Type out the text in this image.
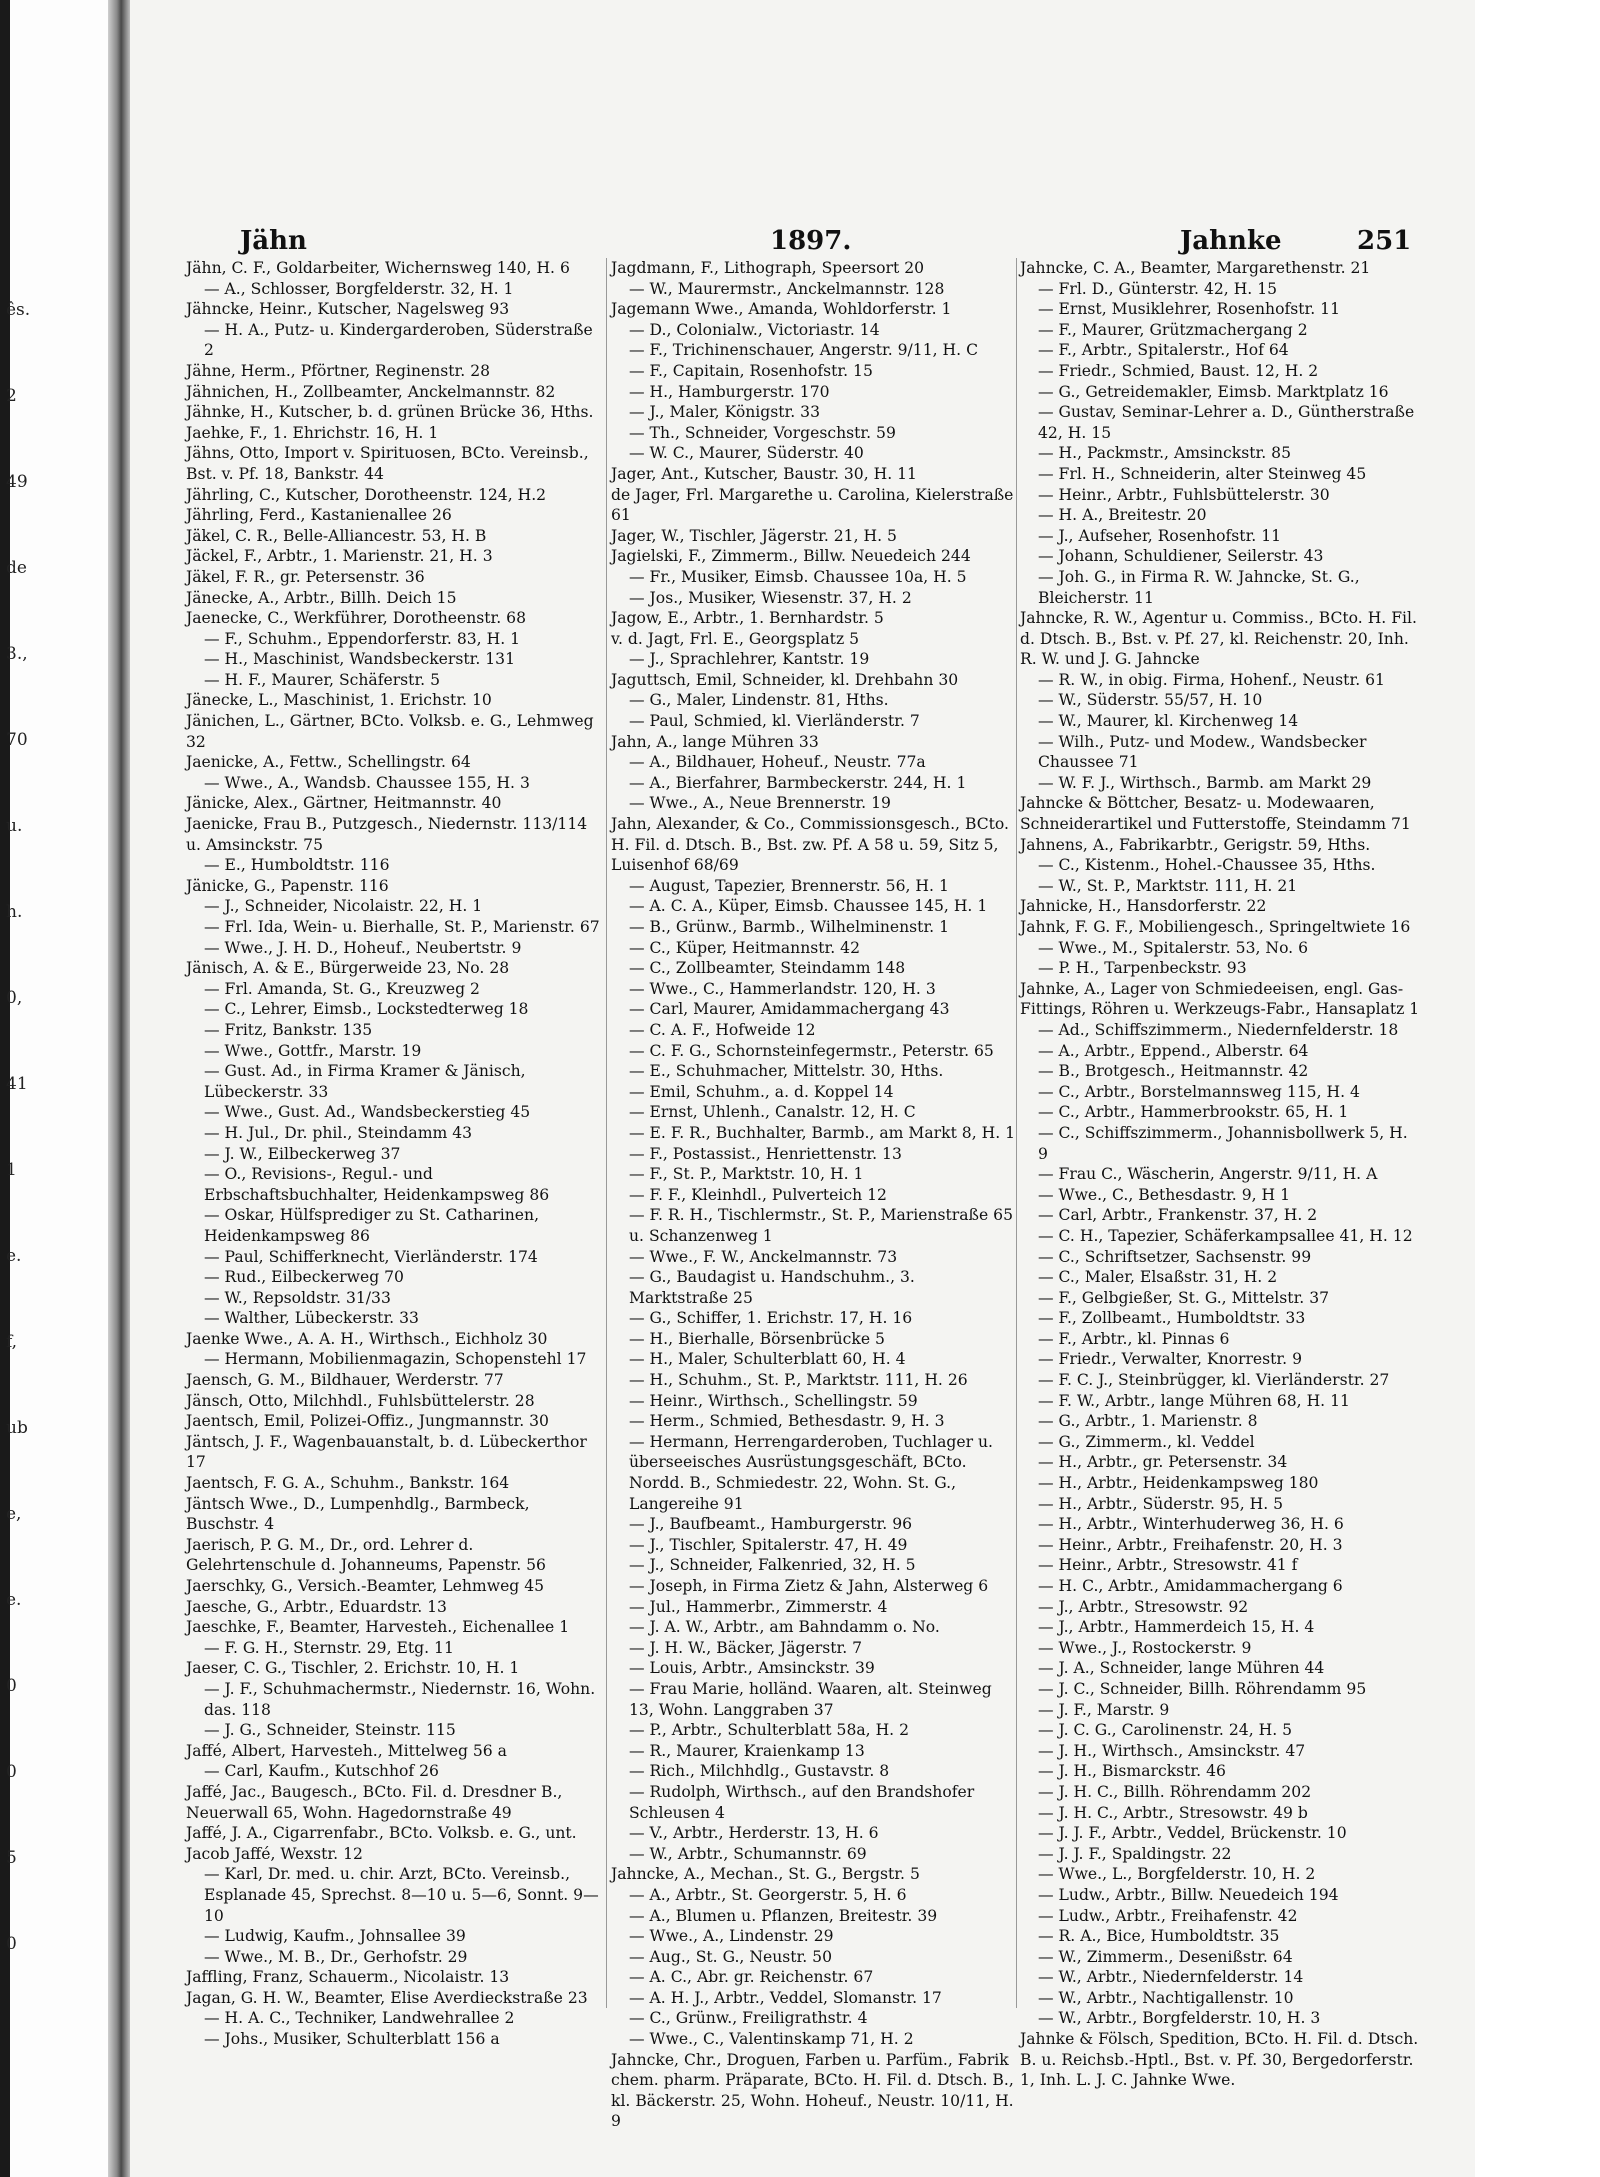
ês.
2
49
de
3.,
70
u.
h.
0,
41
1
e.
f,
ub
e,
e.
0
0
5
0
Jähn	1897.	Jahnke	251
Jähn, C. F., Goldarbeiter, Wichernsweg 140, H. 6
— A., Schlosser, Borgfelderstr. 32, H. 1
Jähncke, Heinr., Kutscher, Nagelsweg 93
— H. A., Putz- u. Kindergarderoben, Süderstraße 2
Jähne, Herm., Pförtner, Reginenstr. 28
Jähnichen, H., Zollbeamter, Anckelmannstr. 82
Jähnke, H., Kutscher, b. d. grünen Brücke 36, Hths.
Jaehke, F., 1. Ehrichstr. 16, H. 1
Jähns, Otto, Import v. Spirituosen, BCto. Vereinsb., Bst. v. Pf. 18, Bankstr. 44
Jährling, C., Kutscher, Dorotheenstr. 124, H.2
Jährling, Ferd., Kastanienallee 26
Jäkel, C. R., Belle-Alliancestr. 53, H. B
Jäckel, F., Arbtr., 1. Marienstr. 21, H. 3
Jäkel, F. R., gr. Petersenstr. 36
Jänecke, A., Arbtr., Billh. Deich 15
Jaenecke, C., Werkführer, Dorotheenstr. 68
— F., Schuhm., Eppendorferstr. 83, H. 1
— H., Maschinist, Wandsbeckerstr. 131
— H. F., Maurer, Schäferstr. 5
Jänecke, L., Maschinist, 1. Erichstr. 10
Jänichen, L., Gärtner, BCto. Volksb. e. G., Lehmweg 32
Jaenicke, A., Fettw., Schellingstr. 64
— Wwe., A., Wandsb. Chaussee 155, H. 3
Jänicke, Alex., Gärtner, Heitmannstr. 40
Jaenicke, Frau B., Putzgesch., Niedernstr. 113/114 u. Amsinckstr. 75
— E., Humboldtstr. 116
Jänicke, G., Papenstr. 116
— J., Schneider, Nicolaistr. 22, H. 1
— Frl. Ida, Wein- u. Bierhalle, St. P., Marienstr. 67
— Wwe., J. H. D., Hoheuf., Neubertstr. 9
Jänisch, A. & E., Bürgerweide 23, No. 28
— Frl. Amanda, St. G., Kreuzweg 2
— C., Lehrer, Eimsb., Lockstedterweg 18
— Fritz, Bankstr. 135
— Wwe., Gottfr., Marstr. 19
— Gust. Ad., in Firma Kramer & Jänisch, Lübeckerstr. 33
— Wwe., Gust. Ad., Wandsbeckerstieg 45
— H. Jul., Dr. phil., Steindamm 43
— J. W., Eilbeckerweg 37
— O., Revisions-, Regul.- und Erbschaftsbuchhalter, Heidenkampsweg 86
— Oskar, Hülfsprediger zu St. Catharinen, Heidenkampsweg 86
— Paul, Schifferknecht, Vierländerstr. 174
— Rud., Eilbeckerweg 70
— W., Repsoldstr. 31/33
— Walther, Lübeckerstr. 33
Jaenke Wwe., A. A. H., Wirthsch., Eichholz 30
— Hermann, Mobilienmagazin, Schopenstehl 17
Jaensch, G. M., Bildhauer, Werderstr. 77
Jänsch, Otto, Milchhdl., Fuhlsbüttelerstr. 28
Jaentsch, Emil, Polizei-Offiz., Jungmannstr. 30
Jäntsch, J. F., Wagenbauanstalt, b. d. Lübeckerthor 17
Jaentsch, F. G. A., Schuhm., Bankstr. 164
Jäntsch Wwe., D., Lumpenhdlg., Barmbeck, Buschstr. 4
Jaerisch, P. G. M., Dr., ord. Lehrer d. Gelehrtenschule d. Johanneums, Papenstr. 56
Jaerschky, G., Versich.-Beamter, Lehmweg 45
Jaesche, G., Arbtr., Eduardstr. 13
Jaeschke, F., Beamter, Harvesteh., Eichenallee 1
— F. G. H., Sternstr. 29, Etg. 11
Jaeser, C. G., Tischler, 2. Erichstr. 10, H. 1
— J. F., Schuhmachermstr., Niedernstr. 16, Wohn. das. 118
— J. G., Schneider, Steinstr. 115
Jaffé, Albert, Harvesteh., Mittelweg 56 a
— Carl, Kaufm., Kutschhof 26
Jaffé, Jac., Baugesch., BCto. Fil. d. Dresdner B., Neuerwall 65, Wohn. Hagedornstraße 49
Jaffé, J. A., Cigarrenfabr., BCto. Volksb. e. G., unt. Jacob Jaffé, Wexstr. 12
— Karl, Dr. med. u. chir. Arzt, BCto. Vereinsb., Esplanade 45, Sprechst. 8—10 u. 5—6, Sonnt. 9—10
— Ludwig, Kaufm., Johnsallee 39
— Wwe., M. B., Dr., Gerhofstr. 29
Jaffling, Franz, Schauerm., Nicolaistr. 13
Jagan, G. H. W., Beamter, Elise Averdieckstraße 23
— H. A. C., Techniker, Landwehrallee 2
— Johs., Musiker, Schulterblatt 156 a
Jagdmann, F., Lithograph, Speersort 20
— W., Maurermstr., Anckelmannstr. 128
Jagemann Wwe., Amanda, Wohldorferstr. 1
— D., Colonialw., Victoriastr. 14
— F., Trichinenschauer, Angerstr. 9/11, H. C
— F., Capitain, Rosenhofstr. 15
— H., Hamburgerstr. 170
— J., Maler, Königstr. 33
— Th., Schneider, Vorgeschstr. 59
— W. C., Maurer, Süderstr. 40
Jager, Ant., Kutscher, Baustr. 30, H. 11
de Jager, Frl. Margarethe u. Carolina, Kielerstraße 61
Jager, W., Tischler, Jägerstr. 21, H. 5
Jagielski, F., Zimmerm., Billw. Neuedeich 244
— Fr., Musiker, Eimsb. Chaussee 10a, H. 5
— Jos., Musiker, Wiesenstr. 37, H. 2
Jagow, E., Arbtr., 1. Bernhardstr. 5
v. d. Jagt, Frl. E., Georgsplatz 5
— J., Sprachlehrer, Kantstr. 19
Jaguttsch, Emil, Schneider, kl. Drehbahn 30
— G., Maler, Lindenstr. 81, Hths.
— Paul, Schmied, kl. Vierländerstr. 7
Jahn, A., lange Mühren 33
— A., Bildhauer, Hoheuf., Neustr. 77a
— A., Bierfahrer, Barmbeckerstr. 244, H. 1
— Wwe., A., Neue Brennerstr. 19
Jahn, Alexander, & Co., Commissionsgesch., BCto. H. Fil. d. Dtsch. B., Bst. zw. Pf. A 58 u. 59, Sitz 5, Luisenhof 68/69
— August, Tapezier, Brennerstr. 56, H. 1
— A. C. A., Küper, Eimsb. Chaussee 145, H. 1
— B., Grünw., Barmb., Wilhelminenstr. 1
— C., Küper, Heitmannstr. 42
— C., Zollbeamter, Steindamm 148
— Wwe., C., Hammerlandstr. 120, H. 3
— Carl, Maurer, Amidammachergang 43
— C. A. F., Hofweide 12
— C. F. G., Schornsteinfegermstr., Peterstr. 65
— E., Schuhmacher, Mittelstr. 30, Hths.
— Emil, Schuhm., a. d. Koppel 14
— Ernst, Uhlenh., Canalstr. 12, H. C
— E. F. R., Buchhalter, Barmb., am Markt 8, H. 1
— F., Postassist., Henriettenstr. 13
— F., St. P., Marktstr. 10, H. 1
— F. F., Kleinhdl., Pulverteich 12
— F. R. H., Tischlermstr., St. P., Marienstraße 65 u. Schanzenweg 1
— Wwe., F. W., Anckelmannstr. 73
— G., Baudagist u. Handschuhm., 3. Marktstraße 25
— G., Schiffer, 1. Erichstr. 17, H. 16
— H., Bierhalle, Börsenbrücke 5
— H., Maler, Schulterblatt 60, H. 4
— H., Schuhm., St. P., Marktstr. 111, H. 26
— Heinr., Wirthsch., Schellingstr. 59
— Herm., Schmied, Bethesdastr. 9, H. 3
— Hermann, Herrengarderoben, Tuchlager u. überseeisches Ausrüstungsgeschäft, BCto. Nordd. B., Schmiedestr. 22, Wohn. St. G., Langereihe 91
— J., Baufbeamt., Hamburgerstr. 96
— J., Tischler, Spitalerstr. 47, H. 49
— J., Schneider, Falkenried, 32, H. 5
— Joseph, in Firma Zietz & Jahn, Alsterweg 6
— Jul., Hammerbr., Zimmerstr. 4
— J. A. W., Arbtr., am Bahndamm o. No.
— J. H. W., Bäcker, Jägerstr. 7
— Louis, Arbtr., Amsinckstr. 39
— Frau Marie, holländ. Waaren, alt. Steinweg 13, Wohn. Langgraben 37
— P., Arbtr., Schulterblatt 58a, H. 2
— R., Maurer, Kraienkamp 13
— Rich., Milchhdlg., Gustavstr. 8
— Rudolph, Wirthsch., auf den Brandshofer Schleusen 4
— V., Arbtr., Herderstr. 13, H. 6
— W., Arbtr., Schumannstr. 69
Jahncke, A., Mechan., St. G., Bergstr. 5
— A., Arbtr., St. Georgerstr. 5, H. 6
— A., Blumen u. Pflanzen, Breitestr. 39
— Wwe., A., Lindenstr. 29
— Aug., St. G., Neustr. 50
— A. C., Abr. gr. Reichenstr. 67
— A. H. J., Arbtr., Veddel, Slomanstr. 17
— C., Grünw., Freiligrathstr. 4
— Wwe., C., Valentinskamp 71, H. 2
Jahncke, Chr., Droguen, Farben u. Parfüm., Fabrik chem. pharm. Präparate, BCto. H. Fil. d. Dtsch. B., kl. Bäckerstr. 25, Wohn. Hoheuf., Neustr. 10/11, H. 9
Jahncke, C. A., Beamter, Margarethenstr. 21
— Frl. D., Günterstr. 42, H. 15
— Ernst, Musiklehrer, Rosenhofstr. 11
— F., Maurer, Grützmachergang 2
— F., Arbtr., Spitalerstr., Hof 64
— Friedr., Schmied, Baust. 12, H. 2
— G., Getreidemakler, Eimsb. Marktplatz 16
— Gustav, Seminar-Lehrer a. D., Güntherstraße 42, H. 15
— H., Packmstr., Amsinckstr. 85
— Frl. H., Schneiderin, alter Steinweg 45
— Heinr., Arbtr., Fuhlsbüttelerstr. 30
— H. A., Breitestr. 20
— J., Aufseher, Rosenhofstr. 11
— Johann, Schuldiener, Seilerstr. 43
— Joh. G., in Firma R. W. Jahncke, St. G., Bleicherstr. 11
Jahncke, R. W., Agentur u. Commiss., BCto. H. Fil. d. Dtsch. B., Bst. v. Pf. 27, kl. Reichenstr. 20, Inh. R. W. und J. G. Jahncke
— R. W., in obig. Firma, Hohenf., Neustr. 61
— W., Süderstr. 55/57, H. 10
— W., Maurer, kl. Kirchenweg 14
— Wilh., Putz- und Modew., Wandsbecker Chaussee 71
— W. F. J., Wirthsch., Barmb. am Markt 29
Jahncke & Böttcher, Besatz- u. Modewaaren, Schneiderartikel und Futterstoffe, Steindamm 71
Jahnens, A., Fabrikarbtr., Gerigstr. 59, Hths.
— C., Kistenm., Hohel.-Chaussee 35, Hths.
— W., St. P., Marktstr. 111, H. 21
Jahnicke, H., Hansdorferstr. 22
Jahnk, F. G. F., Mobiliengesch., Springeltwiete 16
— Wwe., M., Spitalerstr. 53, No. 6
— P. H., Tarpenbeckstr. 93
Jahnke, A., Lager von Schmiedeeisen, engl. Gas-Fittings, Röhren u. Werkzeugs-Fabr., Hansaplatz 1
— Ad., Schiffszimmerm., Niedernfelderstr. 18
— A., Arbtr., Eppend., Alberstr. 64
— B., Brotgesch., Heitmannstr. 42
— C., Arbtr., Borstelmannsweg 115, H. 4
— C., Arbtr., Hammerbrookstr. 65, H. 1
— C., Schiffszimmerm., Johannisbollwerk 5, H. 9
— Frau C., Wäscherin, Angerstr. 9/11, H. A
— Wwe., C., Bethesdastr. 9, H 1
— Carl, Arbtr., Frankenstr. 37, H. 2
— C. H., Tapezier, Schäferkampsallee 41, H. 12
— C., Schriftsetzer, Sachsenstr. 99
— C., Maler, Elsaßstr. 31, H. 2
— F., Gelbgießer, St. G., Mittelstr. 37
— F., Zollbeamt., Humboldtstr. 33
— F., Arbtr., kl. Pinnas 6
— Friedr., Verwalter, Knorrestr. 9
— F. C. J., Steinbrügger, kl. Vierländerstr. 27
— F. W., Arbtr., lange Mühren 68, H. 11
— G., Arbtr., 1. Marienstr. 8
— G., Zimmerm., kl. Veddel
— H., Arbtr., gr. Petersenstr. 34
— H., Arbtr., Heidenkampsweg 180
— H., Arbtr., Süderstr. 95, H. 5
— H., Arbtr., Winterhuderweg 36, H. 6
— Heinr., Arbtr., Freihafenstr. 20, H. 3
— Heinr., Arbtr., Stresowstr. 41 f
— H. C., Arbtr., Amidammachergang 6
— J., Arbtr., Stresowstr. 92
— J., Arbtr., Hammerdeich 15, H. 4
— Wwe., J., Rostockerstr. 9
— J. A., Schneider, lange Mühren 44
— J. C., Schneider, Billh. Röhrendamm 95
— J. F., Marstr. 9
— J. C. G., Carolinenstr. 24, H. 5
— J. H., Wirthsch., Amsinckstr. 47
— J. H., Bismarckstr. 46
— J. H. C., Billh. Röhrendamm 202
— J. H. C., Arbtr., Stresowstr. 49 b
— J. J. F., Arbtr., Veddel, Brückenstr. 10
— J. J. F., Spaldingstr. 22
— Wwe., L., Borgfelderstr. 10, H. 2
— Ludw., Arbtr., Billw. Neuedeich 194
— Ludw., Arbtr., Freihafenstr. 42
— R. A., Bice, Humboldtstr. 35
— W., Zimmerm., Desenißstr. 64
— W., Arbtr., Niedernfelderstr. 14
— W., Arbtr., Nachtigallenstr. 10
— W., Arbtr., Borgfelderstr. 10, H. 3
Jahnke & Fölsch, Spedition, BCto. H. Fil. d. Dtsch. B. u. Reichsb.-Hptl., Bst. v. Pf. 30, Bergedorferstr. 1, Inh. L. J. C. Jahnke Wwe.
